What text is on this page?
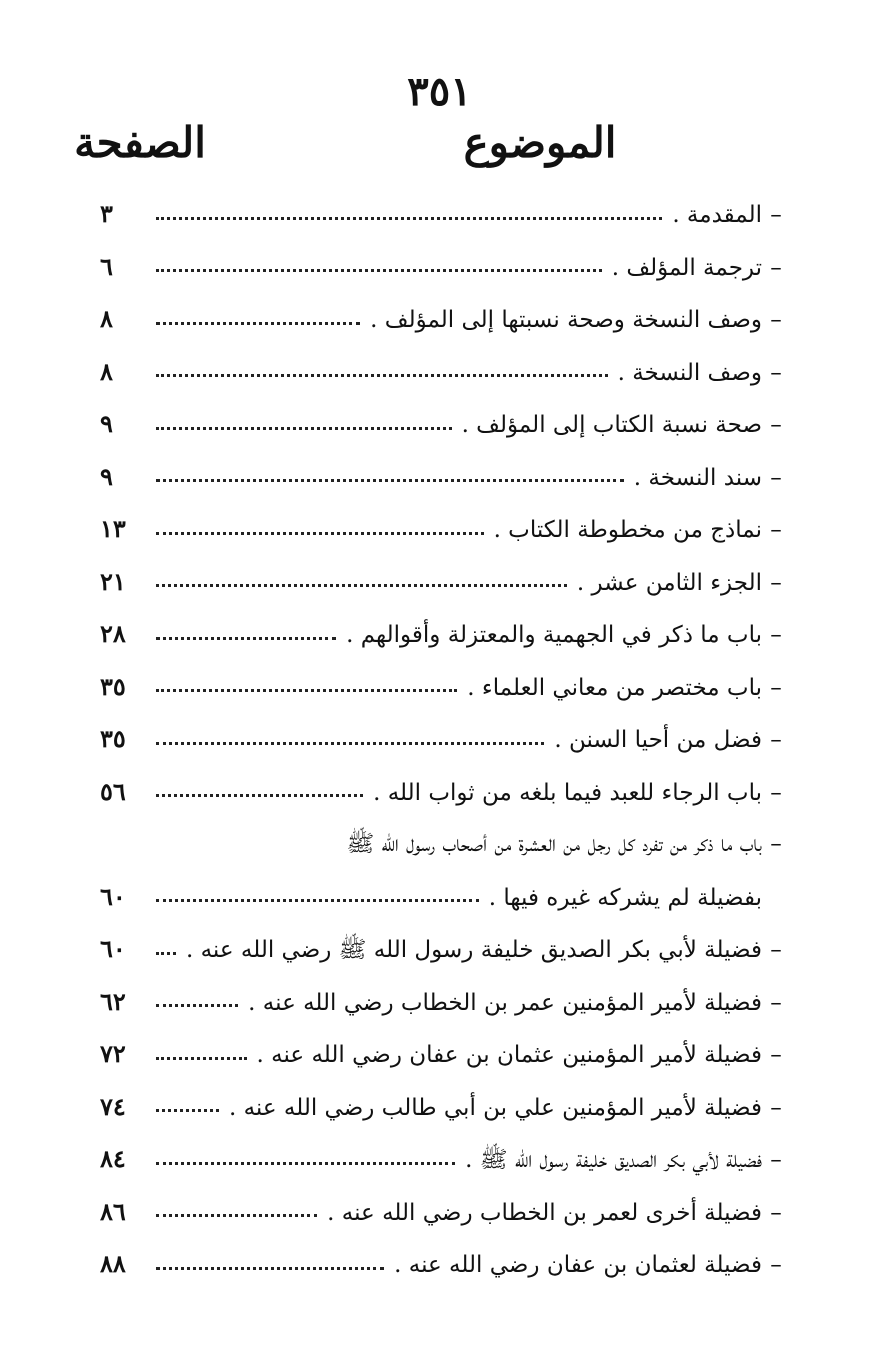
٣٥١
الموضوع
الصفحة
–
المقدمة .
٣
–
ترجمة المؤلف .
٦
–
وصف النسخة وصحة نسبتها إلى المؤلف .
٨
–
وصف النسخة .
٨
–
صحة نسبة الكتاب إلى المؤلف .
٩
–
سند النسخة .
٩
–
نماذج من مخطوطة الكتاب .
١٣
–
الجزء الثامن عشر .
٢١
–
باب ما ذكر في الجهمية والمعتزلة وأقوالهم .
٢٨
–
باب مختصر من معاني العلماء .
٣٥
–
فضل من أحيا السنن .
٣٥
–
باب الرجاء للعبد فيما بلغه من ثواب الله .
٥٦
–
باب ما ذكر من تفرد كل رجل من العشرة من أصحاب رسول الله ﷺ
بفضيلة لم يشركه غيره فيها .
٦٠
–
فضيلة لأبي بكر الصديق خليفة رسول الله ﷺ رضي الله عنه .
٦٠
–
فضيلة لأمير المؤمنين عمر بن الخطاب رضي الله عنه .
٦٢
–
فضيلة لأمير المؤمنين عثمان بن عفان رضي الله عنه .
٧٢
–
فضيلة لأمير المؤمنين علي بن أبي طالب رضي الله عنه .
٧٤
–
فضيلة لأبي بكر الصديق خليفة رسول الله ﷺ .
٨٤
–
فضيلة أخرى لعمر بن الخطاب رضي الله عنه .
٨٦
–
فضيلة لعثمان بن عفان رضي الله عنه .
٨٨
